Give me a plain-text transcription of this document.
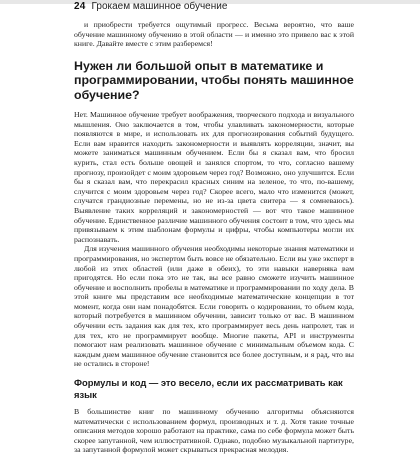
24 Грокаем машинное обучение

и приобрести требуется ощутимый прогресс. Весьма вероятно, что ваше обучение машинному обучению в этой области — и именно это привело вас к этой книге. Давайте вместе с этим разберемся!

Нужен ли большой опыт в математике и программировании, чтобы понять машинное обучение?

Нет. Машинное обучение требует воображения, творческого подхода и визуального мышления. Оно заключается в том, чтобы улавливать закономерности, которые появляются в мире, и использовать их для прогнозирования событий будущего. Если вам нравится находить закономерности и выявлять корреляции, значит, вы можете заниматься машинным обучением. Если бы я сказал вам, что бросил курить, стал есть больше овощей и занялся спортом, то что, согласно вашему прогнозу, произойдет с моим здоровьем через год? Возможно, оно улучшится. Если бы я сказал вам, что перекрасил красных синим на зеленое, то что, по-вашему, случится с моим здоровьем через год? Скорее всего, мало что изменится (может, случатся грандиозные перемены, но не из-за цвета свитера — я сомневаюсь). Выявление таких корреляций и закономерностей — вот что такое машинное обучение. Единственное различие машинного обучения состоит в том, что здесь мы привязываем к этим шаблонам формулы и цифры, чтобы компьютеры могли их распознавать.

Для изучения машинного обучения необходимы некоторые знания математики и программирования, но экспертом быть вовсе не обязательно. Если вы уже эксперт в любой из этих областей (или даже в обеих), то эти навыки наверняка вам пригодятся. Но если пока это не так, вы все равно сможете изучить машинное обучение и восполнить пробелы в математике и программировании по ходу дела. В этой книге мы представим все необходимые математические концепции в тот момент, когда они нам понадобятся. Если говорить о кодировании, то объем кода, который потребуется в машинном обучении, зависит только от вас. В машинном обучении есть задания как для тех, кто программирует весь день напролет, так и для тех, кто не программирует вообще. Многие пакеты, API и инструменты помогают нам реализовать машинное обучение с минимальным объемом кода. С каждым днем машинное обучение становится все более доступным, и я рад, что вы не остались в стороне!

Формулы и код — это весело, если их рассматривать как язык

В большинстве книг по машинному обучению алгоритмы объясняются математически с использованием формул, производных и т. д. Хотя такие точные описания методов хорошо работают на практике, сама по себе формула может быть скорее запутанной, чем иллюстративной. Однако, подобно музыкальной партитуре, за запутанной формулой может скрываться прекрасная мелодия.
